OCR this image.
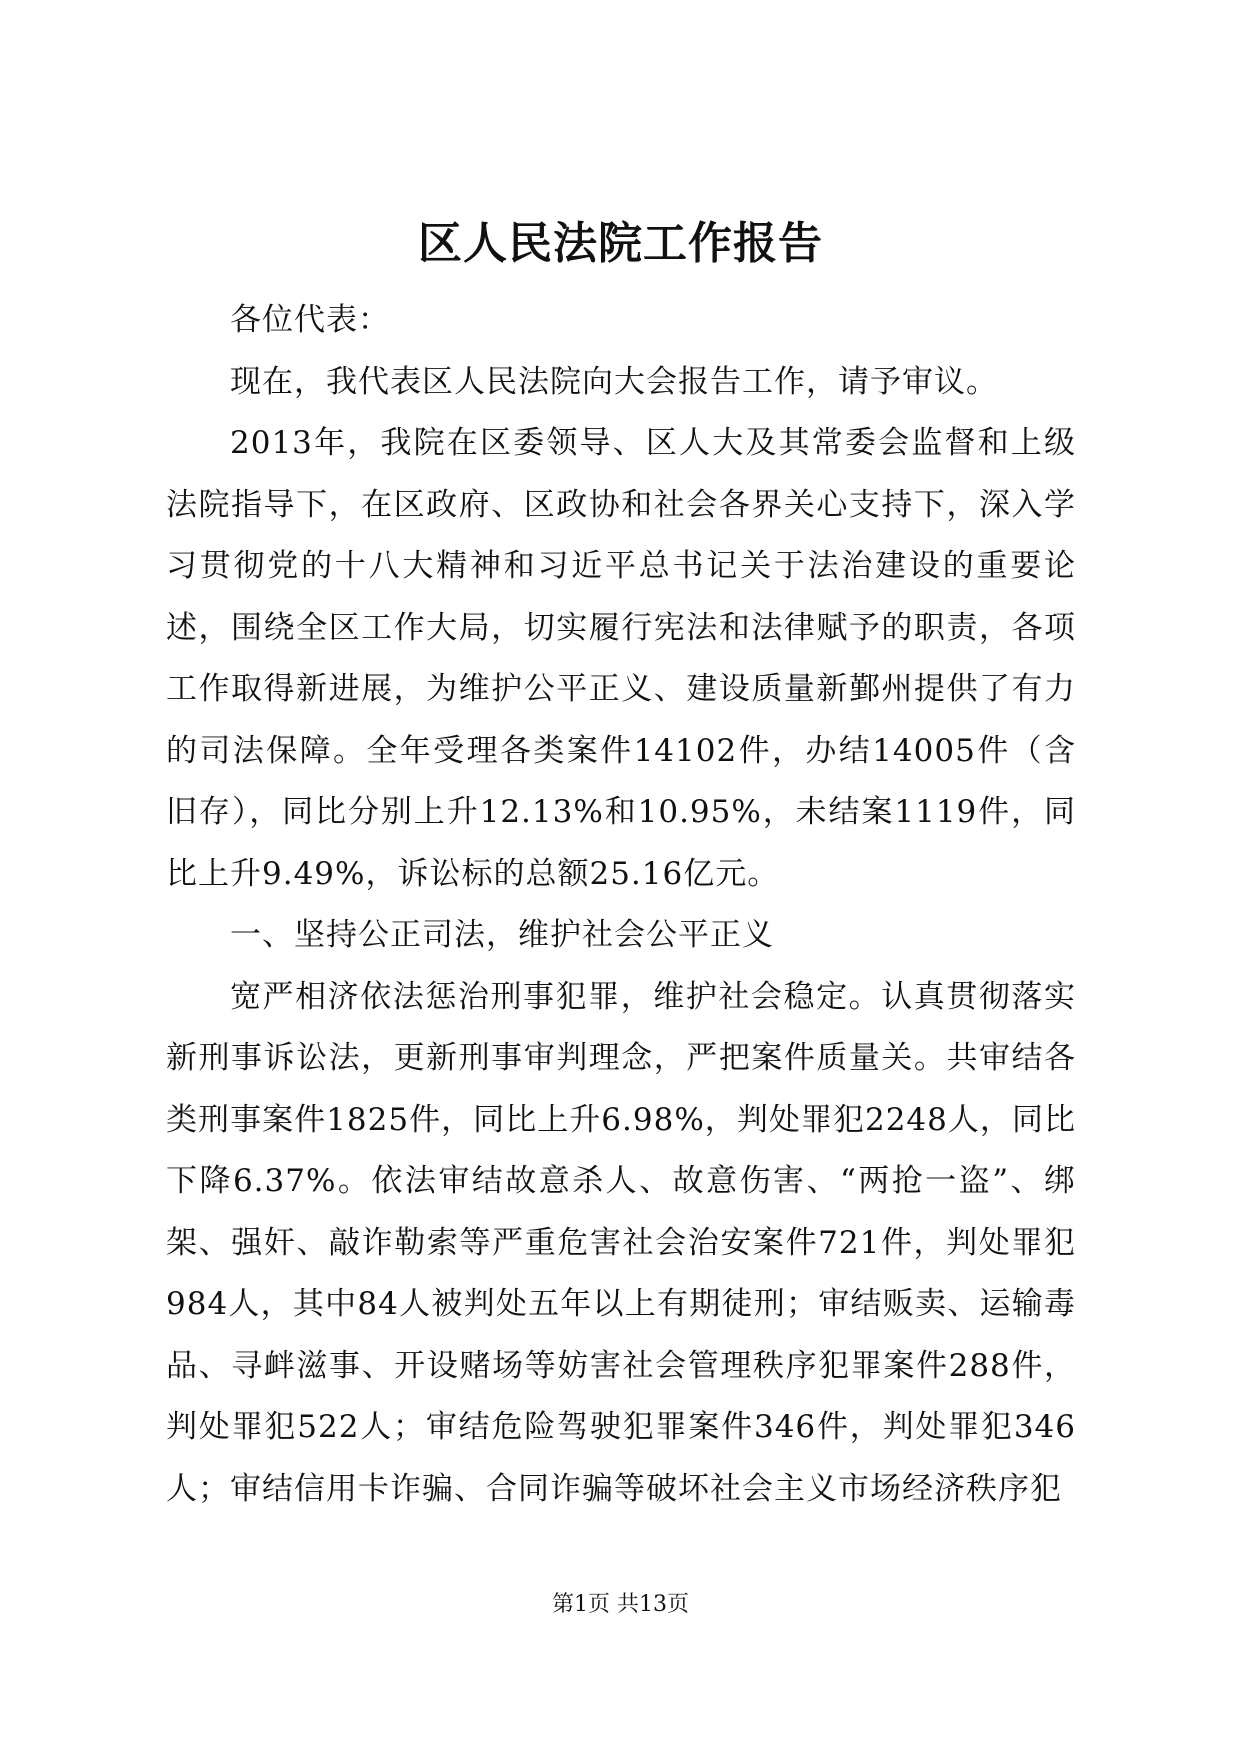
区人民法院工作报告

各位代表：

现在，我代表区人民法院向大会报告工作，请予审议。

2013年，我院在区委领导、区人大及其常委会监督和上级法院指导下，在区政府、区政协和社会各界关心支持下，深入学习贯彻党的十八大精神和习近平总书记关于法治建设的重要论述，围绕全区工作大局，切实履行宪法和法律赋予的职责，各项工作取得新进展，为维护公平正义、建设质量新鄞州提供了有力的司法保障。全年受理各类案件14102件，办结14005件（含旧存），同比分别上升12.13%和10.95%，未结案1119件，同比上升9.49%，诉讼标的总额25.16亿元。

一、坚持公正司法，维护社会公平正义

宽严相济依法惩治刑事犯罪，维护社会稳定。认真贯彻落实新刑事诉讼法，更新刑事审判理念，严把案件质量关。共审结各类刑事案件1825件，同比上升6.98%，判处罪犯2248人，同比下降6.37%。依法审结故意杀人、故意伤害、“两抢一盗”、绑架、强奸、敲诈勒索等严重危害社会治安案件721件，判处罪犯984人，其中84人被判处五年以上有期徒刑；审结贩卖、运输毒品、寻衅滋事、开设赌场等妨害社会管理秩序犯罪案件288件，判处罪犯522人；审结危险驾驶犯罪案件346件，判处罪犯346人；审结信用卡诈骗、合同诈骗等破坏社会主义市场经济秩序犯

第1页 共13页
